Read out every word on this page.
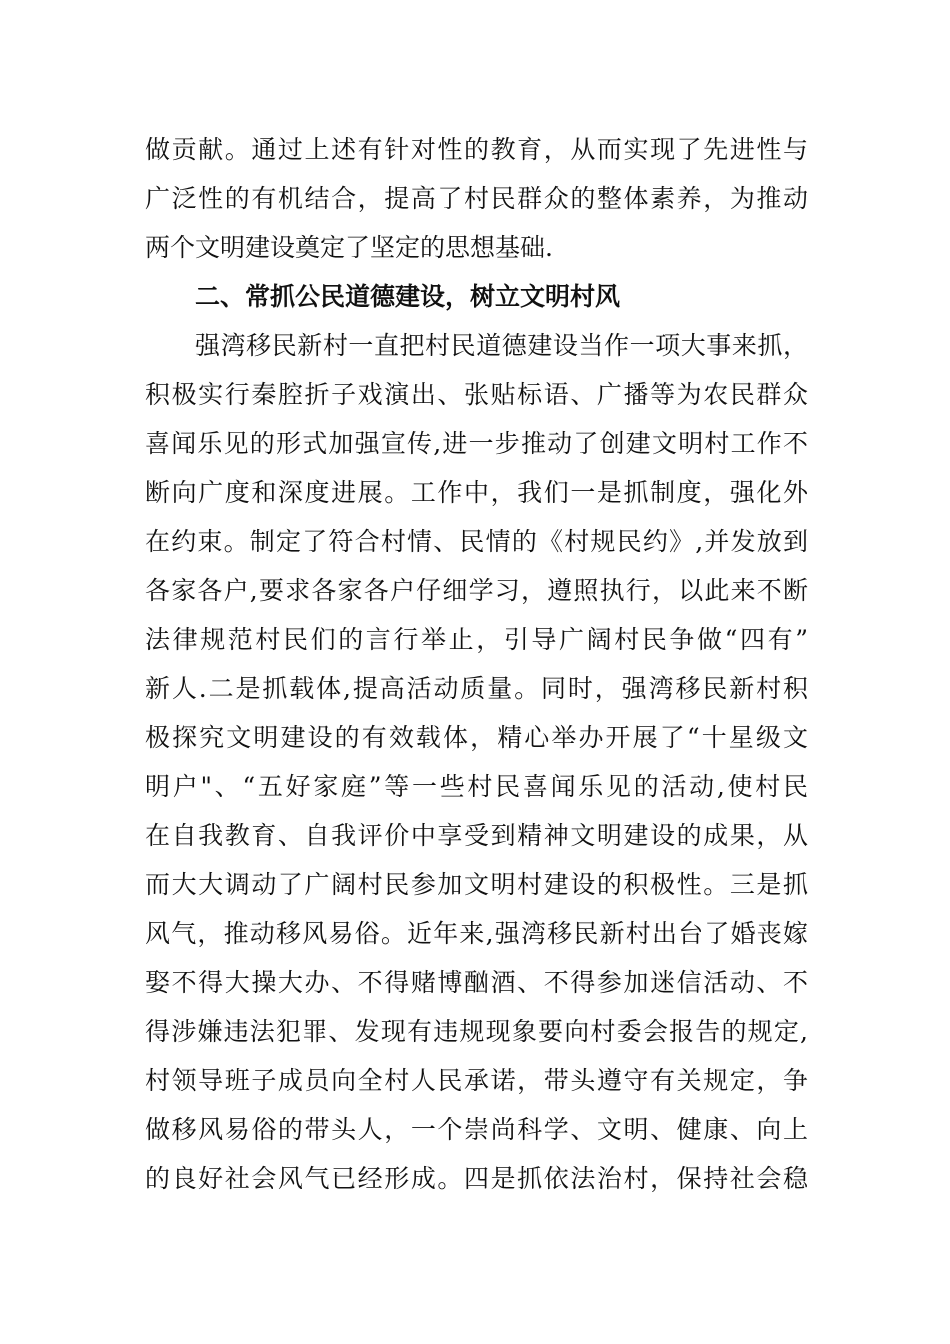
做贡献。通过上述有针对性的教育，从而实现了先进性与
广泛性的有机结合，提高了村民群众的整体素养，为推动
两个文明建设奠定了坚定的思想基础.
二、常抓公民道德建设，树立文明村风
强湾移民新村一直把村民道德建设当作一项大事来抓，
积极实行秦腔折子戏演出、张贴标语、广播等为农民群众
喜闻乐见的形式加强宣传,进一步推动了创建文明村工作不
断向广度和深度进展。工作中，我们一是抓制度，强化外
在约束。制定了符合村情、民情的《村规民约》,并发放到
各家各户,要求各家各户仔细学习，遵照执行，以此来不断
法律规范村民们的言行举止，引导广阔村民争做“四有”
新人.二是抓载体,提高活动质量。同时，强湾移民新村积
极探究文明建设的有效载体，精心举办开展了“十星级文
明户"、“五好家庭”等一些村民喜闻乐见的活动,使村民
在自我教育、自我评价中享受到精神文明建设的成果，从
而大大调动了广阔村民参加文明村建设的积极性。三是抓
风气，推动移风易俗。近年来,强湾移民新村出台了婚丧嫁
娶不得大操大办、不得赌博酗酒、不得参加迷信活动、不
得涉嫌违法犯罪、发现有违规现象要向村委会报告的规定,
村领导班子成员向全村人民承诺，带头遵守有关规定，争
做移风易俗的带头人，一个崇尚科学、文明、健康、向上
的良好社会风气已经形成。四是抓依法治村，保持社会稳
